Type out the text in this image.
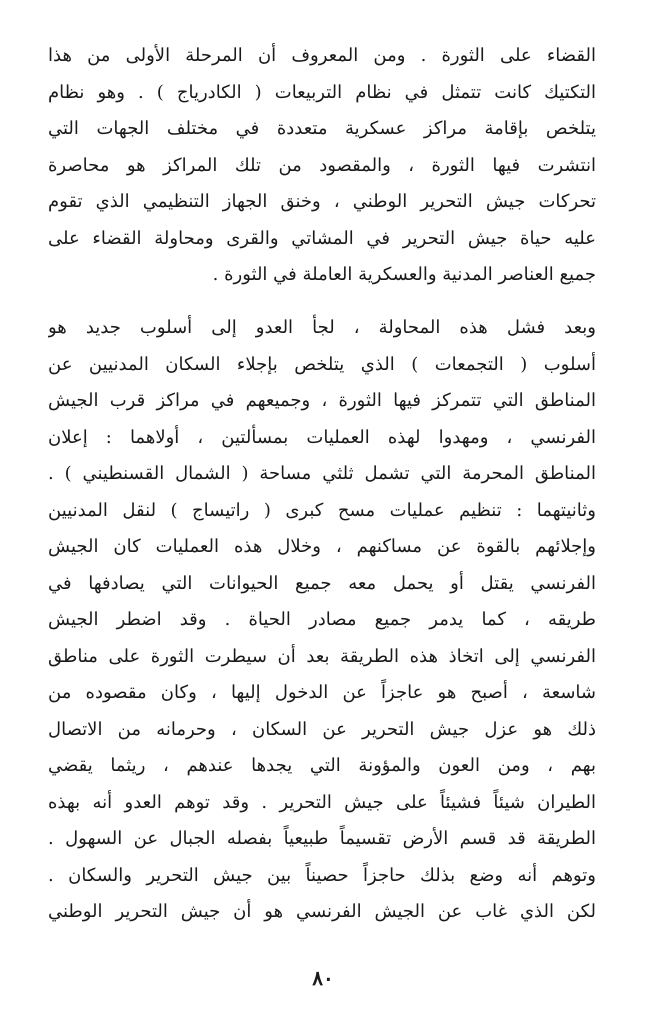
القضاء على الثورة . ومن المعروف أن المرحلة الأولى من هذا
التكتيك كانت تتمثل في نظام التربيعات ( الكادرياج ) . وهو نظام
يتلخص بإقامة مراكز عسكرية متعددة في مختلف الجهات التي
انتشرت فيها الثورة ، والمقصود من تلك المراكز هو محاصرة
تحركات جيش التحرير الوطني ، وخنق الجهاز التنظيمي الذي تقوم
عليه حياة جيش التحرير في المشاتي والقرى ومحاولة القضاء على
جميع العناصر المدنية والعسكرية العاملة في الثورة .
وبعد فشل هذه المحاولة ، لجأ العدو إلى أسلوب جديد هو
أسلوب ( التجمعات ) الذي يتلخص بإجلاء السكان المدنيين عن
المناطق التي تتمركز فيها الثورة ، وجميعهم في مراكز قرب الجيش
الفرنسي ، ومهدوا لهذه العمليات بمسألتين ، أولاهما : إعلان
المناطق المحرمة التي تشمل ثلثي مساحة ( الشمال القسنطيني ) .
وثانيتهما : تنظيم عمليات مسح كبرى ( راتيساج ) لنقل المدنيين
وإجلائهم بالقوة عن مساكنهم ، وخلال هذه العمليات كان الجيش
الفرنسي يقتل أو يحمل معه جميع الحيوانات التي يصادفها في
طريقه ، كما يدمر جميع مصادر الحياة . وقد اضطر الجيش
الفرنسي إلى اتخاذ هذه الطريقة بعد أن سيطرت الثورة على مناطق
شاسعة ، أصبح هو عاجزاً عن الدخول إليها ، وكان مقصوده من
ذلك هو عزل جيش التحرير عن السكان ، وحرمانه من الاتصال
بهم ، ومن العون والمؤونة التي يجدها عندهم ، ريثما يقضي
الطيران شيئاً فشيئاً على جيش التحرير . وقد توهم العدو أنه بهذه
الطريقة قد قسم الأرض تقسيماً طبيعياً بفصله الجبال عن السهول .
وتوهم أنه وضع بذلك حاجزاً حصيناً بين جيش التحرير والسكان .
لكن الذي غاب عن الجيش الفرنسي هو أن جيش التحرير الوطني
٨٠
